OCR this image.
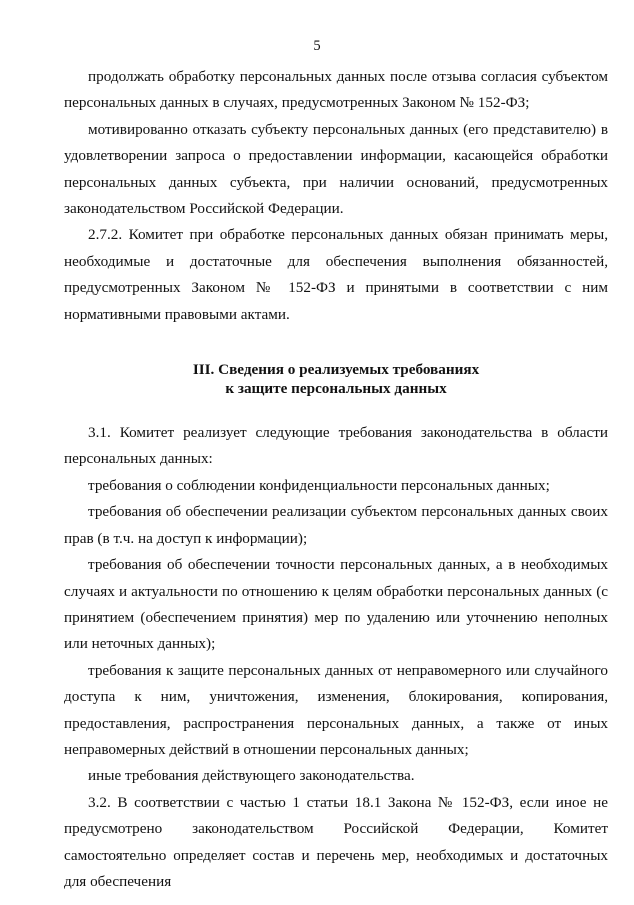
5

продолжать обработку персональных данных после отзыва согласия субъектом персональных данных в случаях, предусмотренных Законом № 152-ФЗ;

мотивированно отказать субъекту персональных данных (его представителю) в удовлетворении запроса о предоставлении информации, касающейся обработки персональных данных субъекта, при наличии оснований, предусмотренных законодательством Российской Федерации.

2.7.2. Комитет при обработке персональных данных обязан принимать меры, необходимые и достаточные для обеспечения выполнения обязанностей, предусмотренных Законом № 152-ФЗ и принятыми в соответствии с ним нормативными правовыми актами.

III. Сведения о реализуемых требованиях
к защите персональных данных

3.1. Комитет реализует следующие требования законодательства в области персональных данных:

требования о соблюдении конфиденциальности персональных данных;

требования об обеспечении реализации субъектом персональных данных своих прав (в т.ч. на доступ к информации);

требования об обеспечении точности персональных данных, а в необходимых случаях и актуальности по отношению к целям обработки персональных данных (с принятием (обеспечением принятия) мер по удалению или уточнению неполных или неточных данных);

требования к защите персональных данных от неправомерного или случайного доступа к ним, уничтожения, изменения, блокирования, копирования, предоставления, распространения персональных данных, а также от иных неправомерных действий в отношении персональных данных;

иные требования действующего законодательства.

3.2. В соответствии с частью 1 статьи 18.1 Закона № 152-ФЗ, если иное не предусмотрено законодательством Российской Федерации, Комитет самостоятельно определяет состав и перечень мер, необходимых и достаточных для обеспечения
